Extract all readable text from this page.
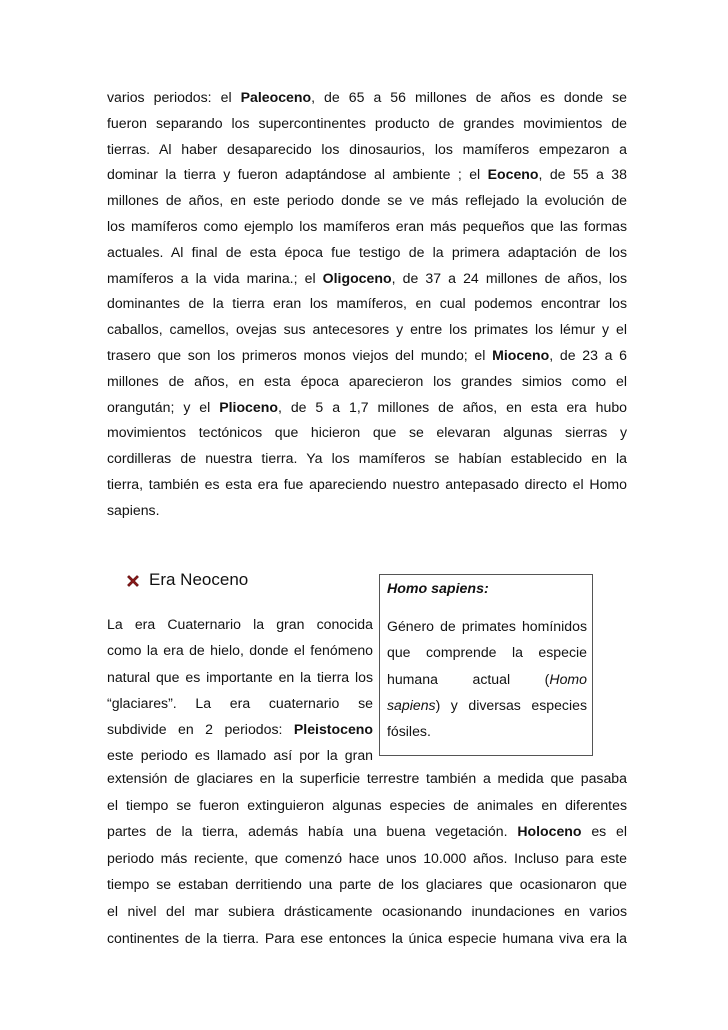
varios periodos: el Paleoceno, de 65 a 56 millones de años es donde se
fueron separando los supercontinentes producto de grandes movimientos de
tierras. Al haber desaparecido los dinosaurios, los mamíferos empezaron a
dominar la tierra y fueron adaptándose al ambiente ; el Eoceno, de 55 a 38
millones de años, en este periodo donde se ve más reflejado la evolución de
los mamíferos como ejemplo los mamíferos eran más pequeños que las formas
actuales. Al final de esta época fue testigo de la primera adaptación de los
mamíferos a la vida marina.; el Oligoceno, de 37 a 24 millones de años, los
dominantes de la tierra eran los mamíferos, en cual podemos encontrar los
caballos, camellos, ovejas sus antecesores y entre los primates los lémur y el
trasero que son los primeros monos viejos del mundo; el Mioceno, de 23 a 6
millones de años, en esta época aparecieron los grandes simios como el
orangután; y el Plioceno, de 5 a 1,7 millones de años, en esta era hubo
movimientos tectónicos que hicieron que se elevaran algunas sierras y
cordilleras de nuestra tierra. Ya los mamíferos se habían establecido en la
tierra, también es esta era fue apareciendo nuestro antepasado directo el Homo
sapiens.
Era Neoceno
La era Cuaternario la gran conocida
como la era de hielo, donde el fenómeno
natural que es importante en la tierra los
“glaciares”. La era cuaternario se
subdivide en 2 periodos: Pleistoceno
este periodo es llamado así por la gran
Homo sapiens:
Género de primates homínidos
que comprende la especie
humana actual (Homo
sapiens) y diversas especies
fósiles.
extensión de glaciares en la superficie terrestre también a medida que pasaba
el tiempo se fueron extinguieron algunas especies de animales en diferentes
partes de la tierra, además había una buena vegetación. Holoceno es el
periodo más reciente, que comenzó hace unos 10.000 años. Incluso para este
tiempo se estaban derritiendo una parte de los glaciares que ocasionaron que
el nivel del mar subiera drásticamente ocasionando inundaciones en varios
continentes de la tierra. Para ese entonces la única especie humana viva era la
